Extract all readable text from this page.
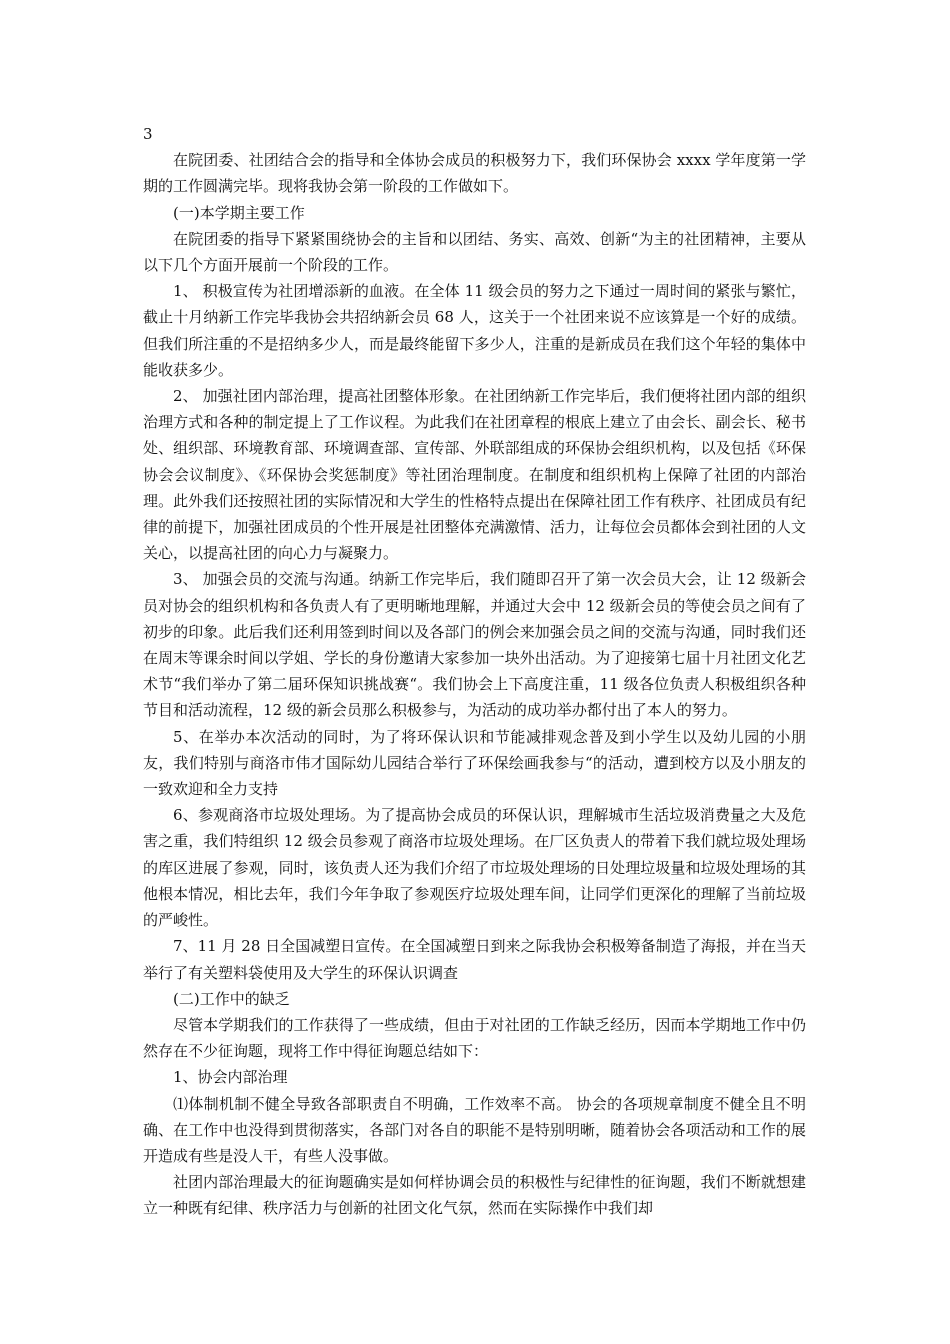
3

在院团委、社团结合会的指导和全体协会成员的积极努力下，我们环保协会 xxxx 学年度第一学期的工作圆满完毕。现将我协会第一阶段的工作做如下。

(一)本学期主要工作

在院团委的指导下紧紧围绕协会的主旨和以团结、务实、高效、创新“为主的社团精神，主要从以下几个方面开展前一个阶段的工作。

1、 积极宣传为社团增添新的血液。在全体 11 级会员的努力之下通过一周时间的紧张与繁忙，截止十月纳新工作完毕我协会共招纳新会员 68 人，这关于一个社团来说不应该算是一个好的成绩。但我们所注重的不是招纳多少人，而是最终能留下多少人，注重的是新成员在我们这个年轻的集体中能收获多少。

2、 加强社团内部治理，提高社团整体形象。在社团纳新工作完毕后，我们便将社团内部的组织治理方式和各种的制定提上了工作议程。为此我们在社团章程的根底上建立了由会长、副会长、秘书处、组织部、环境教育部、环境调查部、宣传部、外联部组成的环保协会组织机构，以及包括《环保协会会议制度》、《环保协会奖惩制度》等社团治理制度。在制度和组织机构上保障了社团的内部治理。此外我们还按照社团的实际情况和大学生的性格特点提出在保障社团工作有秩序、社团成员有纪律的前提下，加强社团成员的个性开展是社团整体充满激情、活力，让每位会员都体会到社团的人文关心，以提高社团的向心力与凝聚力。

3、 加强会员的交流与沟通。纳新工作完毕后，我们随即召开了第一次会员大会，让 12 级新会员对协会的组织机构和各负责人有了更明晰地理解，并通过大会中 12 级新会员的等使会员之间有了初步的印象。此后我们还利用签到时间以及各部门的例会来加强会员之间的交流与沟通，同时我们还在周末等课余时间以学姐、学长的身份邀请大家参加一块外出活动。为了迎接第七届十月社团文化艺术节“我们举办了第二届环保知识挑战赛“。我们协会上下高度注重，11 级各位负责人积极组织各种节目和活动流程，12 级的新会员那么积极参与，为活动的成功举办都付出了本人的努力。

5、在举办本次活动的同时，为了将环保认识和节能减排观念普及到小学生以及幼儿园的小朋友，我们特别与商洛市伟才国际幼儿园结合举行了环保绘画我参与“的活动，遭到校方以及小朋友的一致欢迎和全力支持

6、参观商洛市垃圾处理场。为了提高协会成员的环保认识，理解城市生活垃圾消费量之大及危害之重，我们特组织 12 级会员参观了商洛市垃圾处理场。在厂区负责人的带着下我们就垃圾处理场的库区进展了参观，同时，该负责人还为我们介绍了市垃圾处理场的日处理垃圾量和垃圾处理场的其他根本情况，相比去年，我们今年争取了参观医疗垃圾处理车间，让同学们更深化的理解了当前垃圾的严峻性。

7、11 月 28 日全国减塑日宣传。在全国减塑日到来之际我协会积极筹备制造了海报，并在当天举行了有关塑料袋使用及大学生的环保认识调查

(二)工作中的缺乏

尽管本学期我们的工作获得了一些成绩，但由于对社团的工作缺乏经历，因而本学期地工作中仍然存在不少征询题，现将工作中得征询题总结如下：

1、协会内部治理

⑴体制机制不健全导致各部职责自不明确，工作效率不高。 协会的各项规章制度不健全且不明确、在工作中也没得到贯彻落实，各部门对各自的职能不是特别明晰，随着协会各项活动和工作的展开造成有些是没人干，有些人没事做。

社团内部治理最大的征询题确实是如何样协调会员的积极性与纪律性的征询题，我们不断就想建立一种既有纪律、秩序活力与创新的社团文化气氛，然而在实际操作中我们却
